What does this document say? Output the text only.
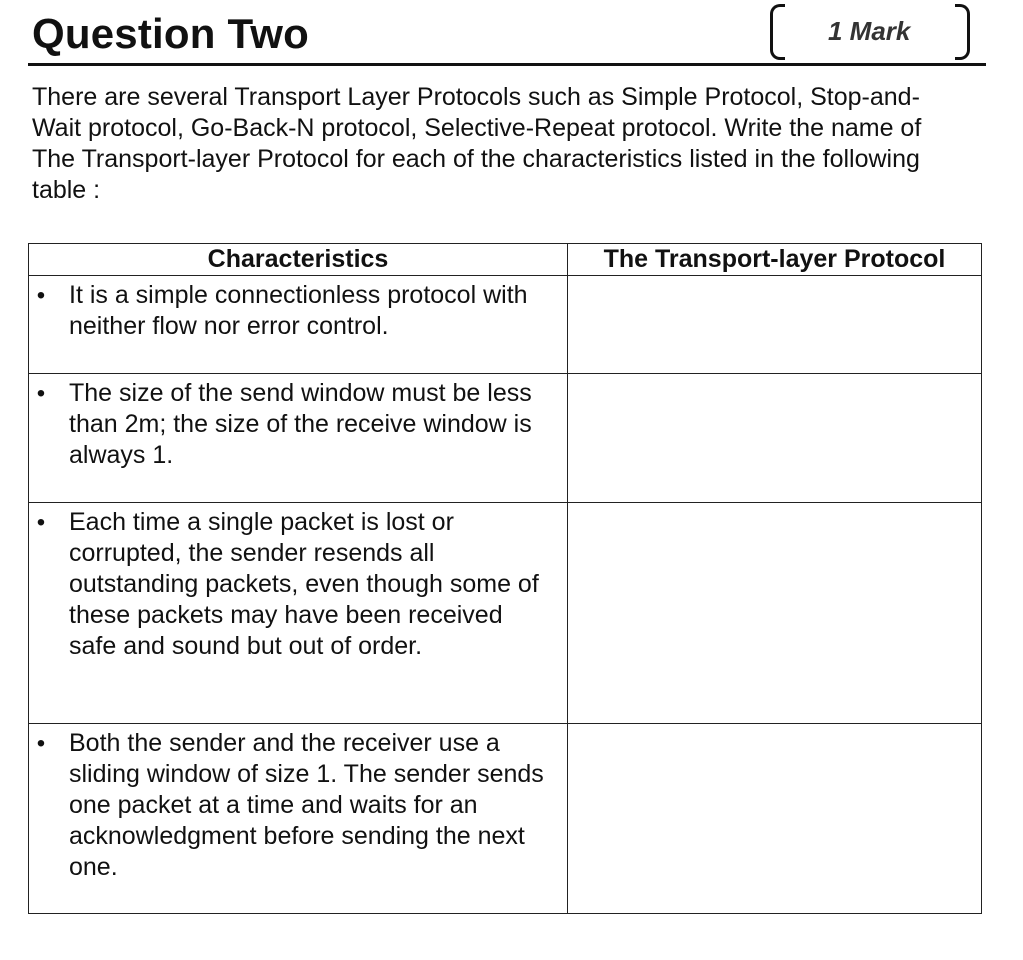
Question Two	1 Mark

There are several Transport Layer Protocols such as Simple Protocol, Stop-and-Wait protocol, Go-Back-N protocol, Selective-Repeat protocol. Write the name of The Transport-layer Protocol for each of the characteristics listed in the following table :

Characteristics	The Transport-layer Protocol

• It is a simple connectionless protocol with neither flow nor error control.	

• The size of the send window must be less than 2m; the size of the receive window is always 1.	

• Each time a single packet is lost or corrupted, the sender resends all outstanding packets, even though some of these packets may have been received safe and sound but out of order.	

• Both the sender and the receiver use a sliding window of size 1. The sender sends one packet at a time and waits for an acknowledgment before sending the next one.	
